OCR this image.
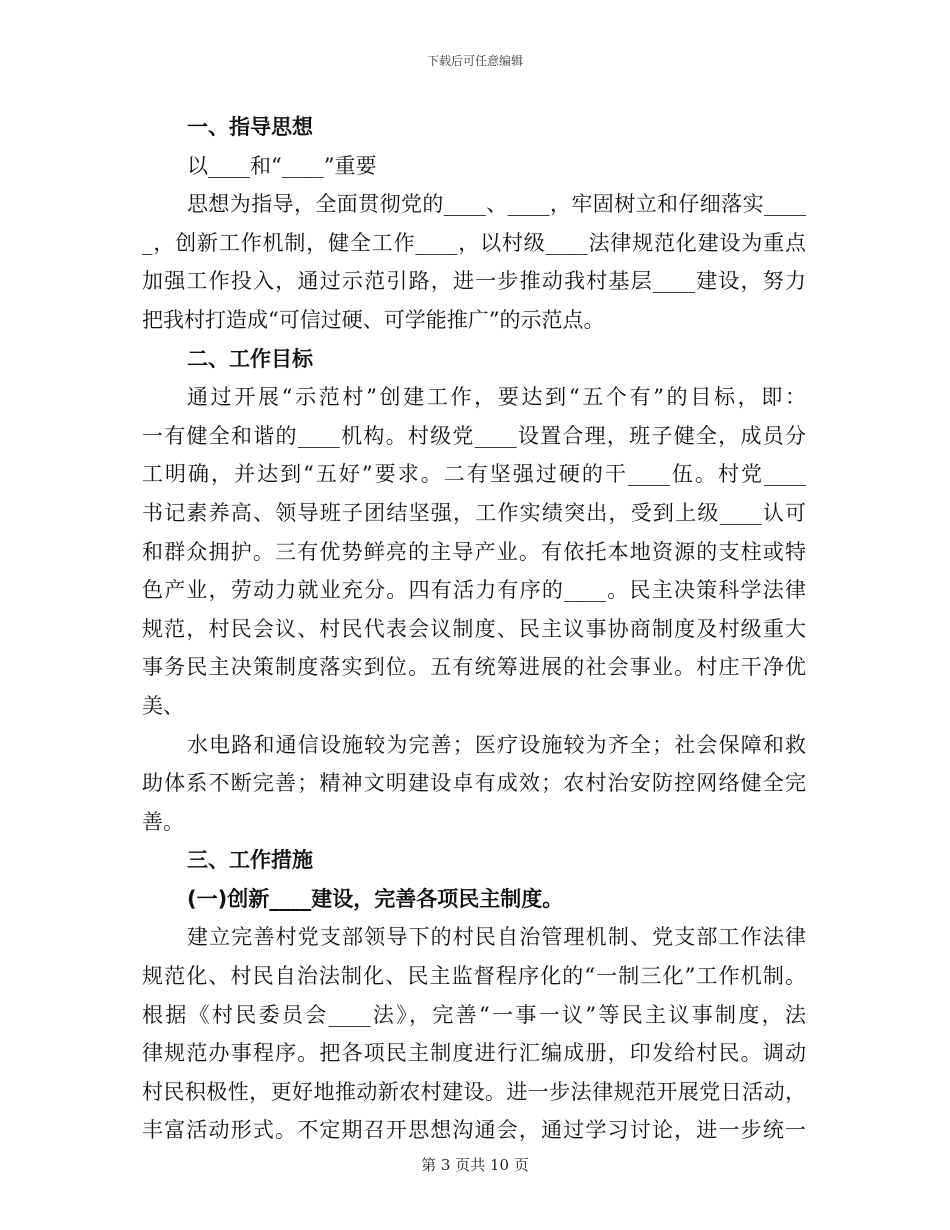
下载后可任意编辑
一、指导思想
以____和“____”重要
思想为指导，全面贯彻党的____、____，牢固树立和仔细落实____
_，创新工作机制，健全工作____，以村级____法律规范化建设为重点
加强工作投入，通过示范引路，进一步推动我村基层____建设，努力
把我村打造成“可信过硬、可学能推广”的示范点。
二、工作目标
通过开展“示范村”创建工作，要达到“五个有”的目标，即：
一有健全和谐的____机构。村级党____设置合理，班子健全，成员分
工明确，并达到“五好”要求。二有坚强过硬的干____伍。村党____
书记素养高、领导班子团结坚强，工作实绩突出，受到上级____认可
和群众拥护。三有优势鲜亮的主导产业。有依托本地资源的支柱或特
色产业，劳动力就业充分。四有活力有序的____。民主决策科学法律
规范，村民会议、村民代表会议制度、民主议事协商制度及村级重大
事务民主决策制度落实到位。五有统筹进展的社会事业。村庄干净优
美、
水电路和通信设施较为完善；医疗设施较为齐全；社会保障和救
助体系不断完善；精神文明建设卓有成效；农村治安防控网络健全完
善。
三、工作措施
(一)创新____建设，完善各项民主制度。
建立完善村党支部领导下的村民自治管理机制、党支部工作法律
规范化、村民自治法制化、民主监督程序化的“一制三化”工作机制。
根据《村民委员会____法》，完善“一事一议”等民主议事制度，法
律规范办事程序。把各项民主制度进行汇编成册，印发给村民。调动
村民积极性，更好地推动新农村建设。进一步法律规范开展党日活动，
丰富活动形式。不定期召开思想沟通会，通过学习讨论，进一步统一
第 3 页共 10 页
